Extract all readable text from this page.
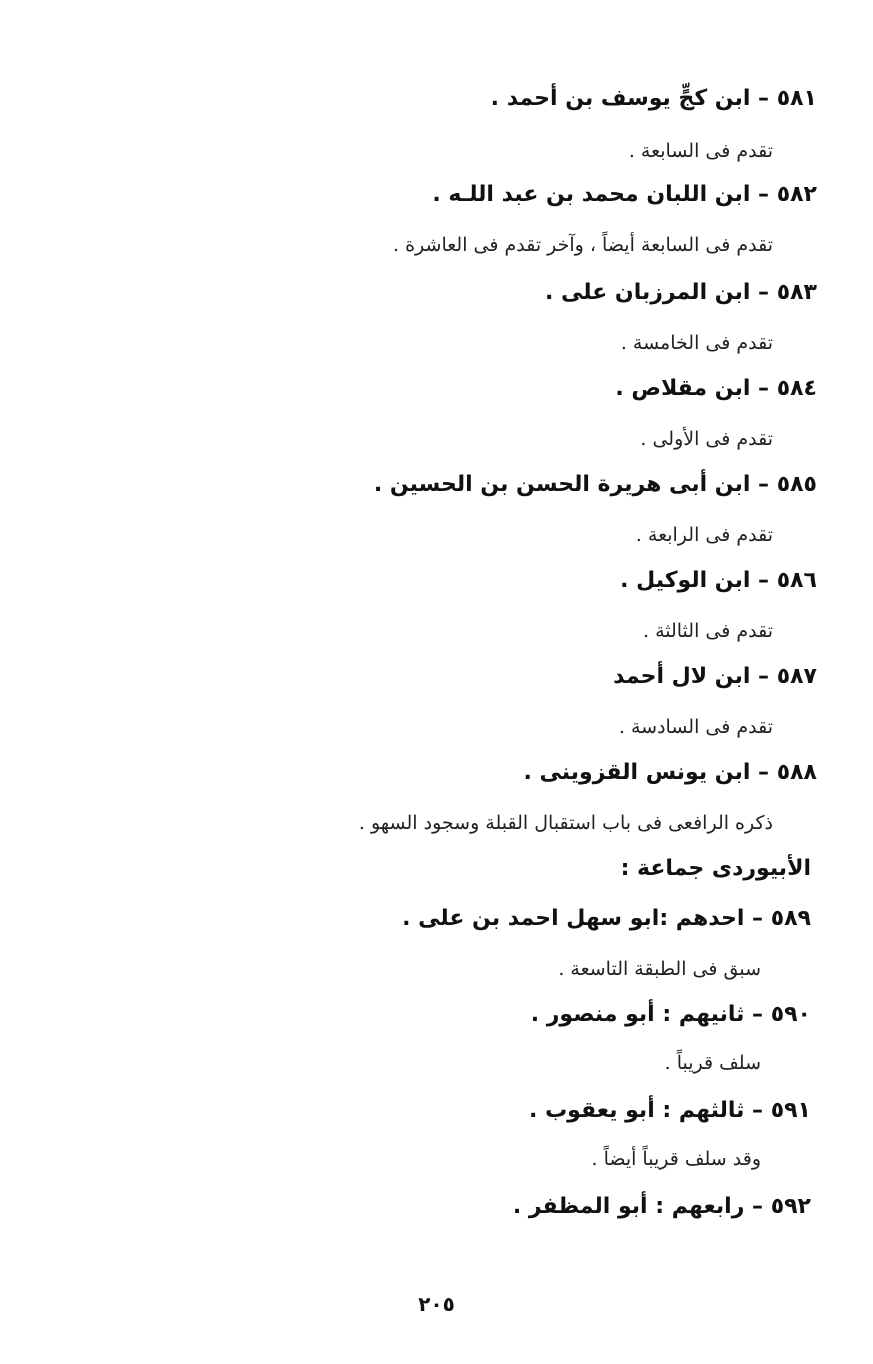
٥٨١ – ابن كجٍّ يوسف بن أحمد .
تقدم فى السابعة .
٥٨٢ – ابن اللبان محمد بن عبد اللـه .
تقدم فى السابعة أيضاً ، وآخر تقدم فى العاشرة .
٥٨٣ – ابن المرزبان على .
تقدم فى الخامسة .
٥٨٤ – ابن مقلاص .
تقدم فى الأولى .
٥٨٥ – ابن أبى هريرة الحسن بن الحسين .
تقدم فى الرابعة .
٥٨٦ – ابن الوكيل .
تقدم فى الثالثة .
٥٨٧ – ابن لال أحمد
تقدم فى السادسة .
٥٨٨ – ابن يونس القزوينى .
ذكره الرافعى فى باب استقبال القبلة وسجود السهو .
الأبيوردى جماعة :
٥٨٩ – احدهم :ابو سهل احمد بن على .
سبق فى الطبقة التاسعة .
٥٩٠ – ثانيهم : أبو منصور .
سلف قريباً .
٥٩١ – ثالثهم : أبو يعقوب .
وقد سلف قريباً أيضاً .
٥٩٢ – رابعهم : أبو المظفر .
٢٠٥
